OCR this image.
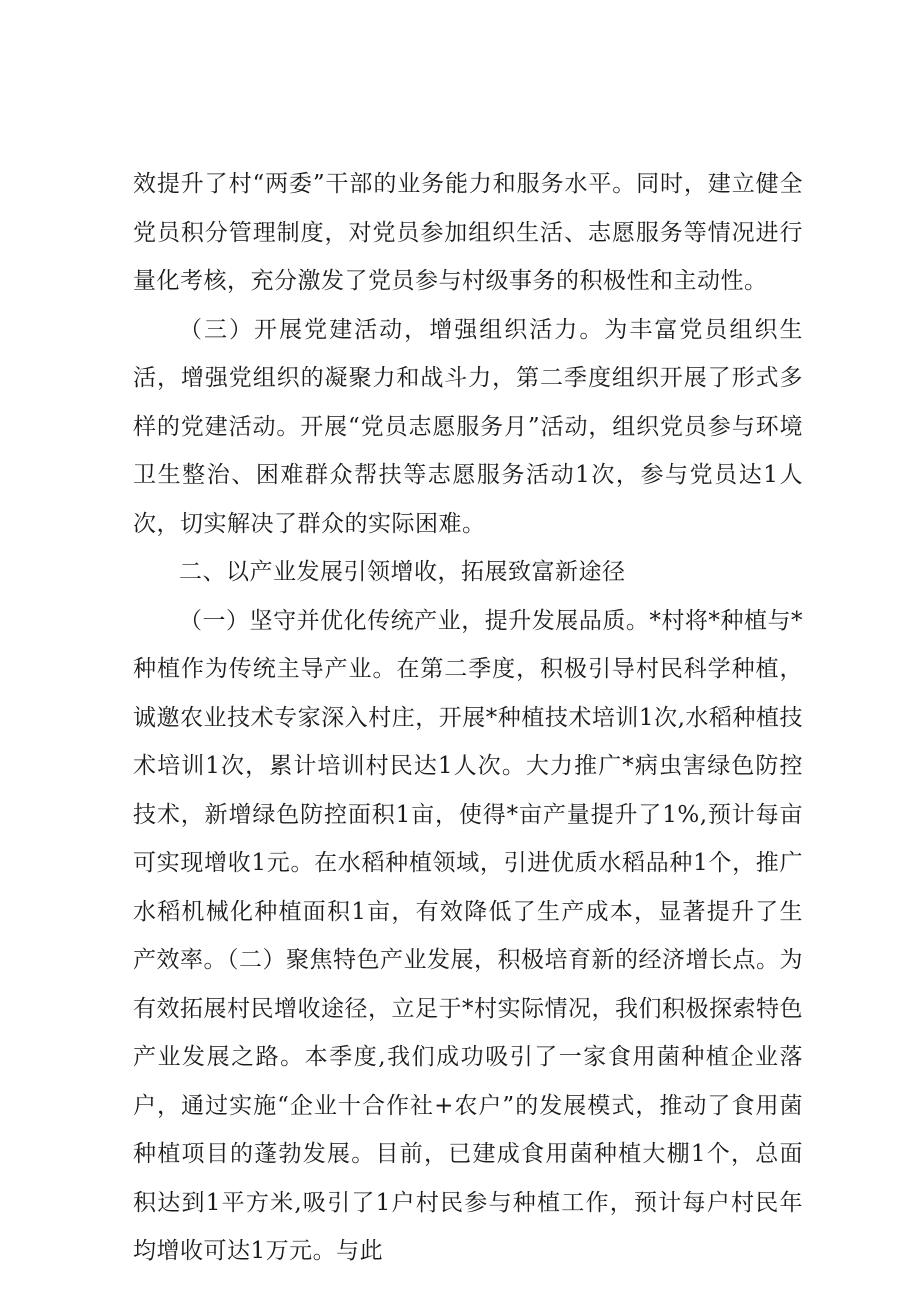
效提升了村“两委”干部的业务能力和服务水平。同时，建立健全党员积分管理制度，对党员参加组织生活、志愿服务等情况进行量化考核，充分激发了党员参与村级事务的积极性和主动性。

（三）开展党建活动，增强组织活力。为丰富党员组织生活，增强党组织的凝聚力和战斗力，第二季度组织开展了形式多样的党建活动。开展“党员志愿服务月”活动，组织党员参与环境卫生整治、困难群众帮扶等志愿服务活动1次，参与党员达1人次，切实解决了群众的实际困难。

二、以产业发展引领增收，拓展致富新途径

（一）坚守并优化传统产业，提升发展品质。*村将*种植与*种植作为传统主导产业。在第二季度，积极引导村民科学种植，诚邀农业技术专家深入村庄，开展*种植技术培训1次,水稻种植技术培训1次，累计培训村民达1人次。大力推广*病虫害绿色防控技术，新增绿色防控面积1亩，使得*亩产量提升了1%,预计每亩可实现增收1元。在水稻种植领域，引进优质水稻品种1个，推广水稻机械化种植面积1亩，有效降低了生产成本，显著提升了生产效率。（二）聚焦特色产业发展，积极培育新的经济增长点。为有效拓展村民增收途径，立足于*村实际情况，我们积极探索特色产业发展之路。本季度,我们成功吸引了一家食用菌种植企业落户，通过实施“企业十合作社+农户”的发展模式，推动了食用菌种植项目的蓬勃发展。目前，已建成食用菌种植大棚1个，总面积达到1平方米,吸引了1户村民参与种植工作，预计每户村民年均增收可达1万元。与此
